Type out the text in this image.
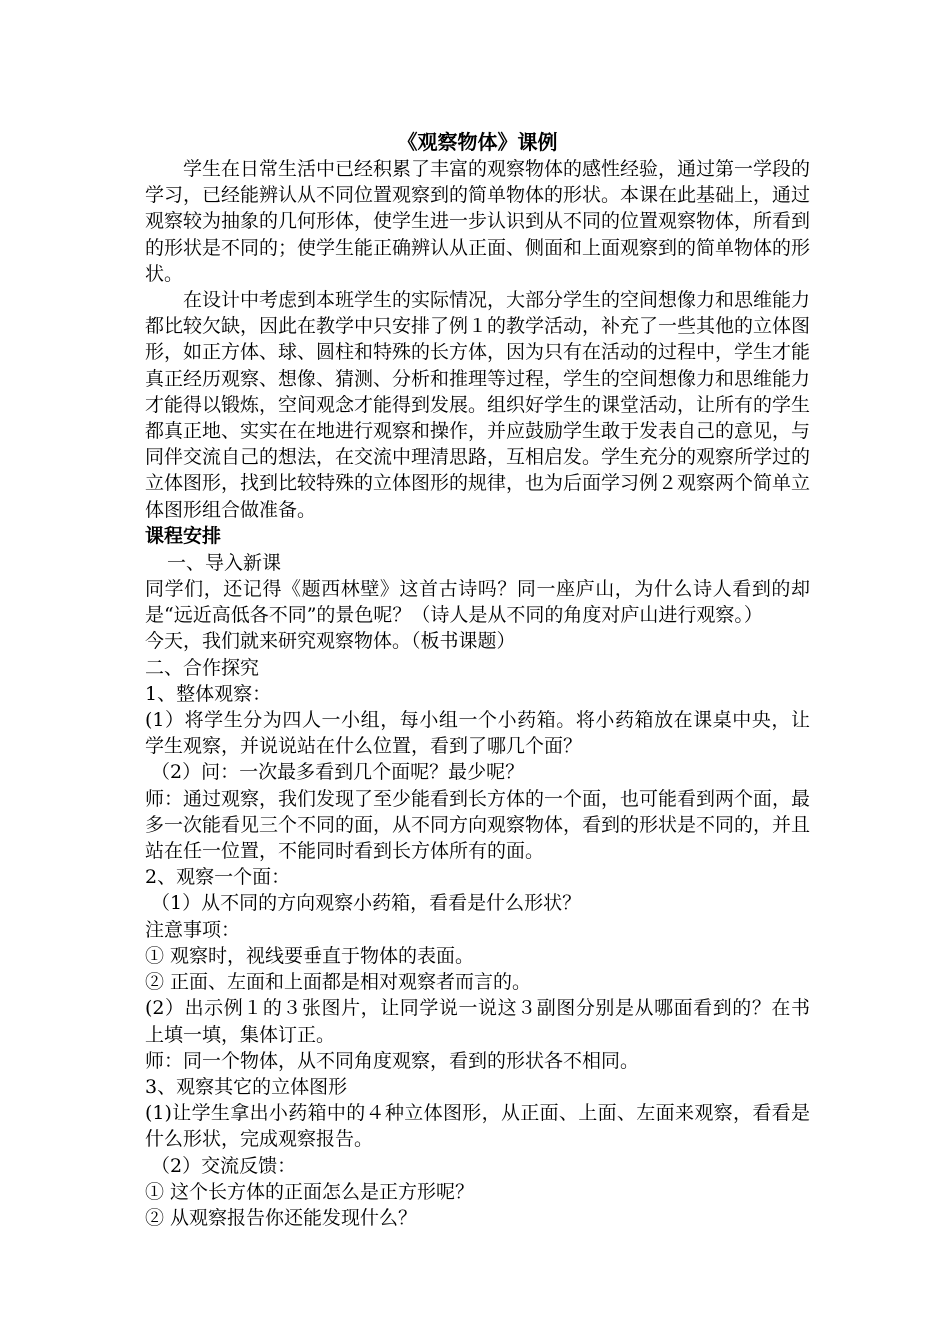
《观察物体》课例

学生在日常生活中已经积累了丰富的观察物体的感性经验，通过第一学段的学习，已经能辨认从不同位置观察到的简单物体的形状。本课在此基础上，通过观察较为抽象的几何形体，使学生进一步认识到从不同的位置观察物体，所看到的形状是不同的；使学生能正确辨认从正面、侧面和上面观察到的简单物体的形状。

在设计中考虑到本班学生的实际情况，大部分学生的空间想像力和思维能力都比较欠缺，因此在教学中只安排了例１的教学活动，补充了一些其他的立体图形，如正方体、球、圆柱和特殊的长方体，因为只有在活动的过程中，学生才能真正经历观察、想像、猜测、分析和推理等过程，学生的空间想像力和思维能力才能得以锻炼，空间观念才能得到发展。组织好学生的课堂活动，让所有的学生都真正地、实实在在地进行观察和操作，并应鼓励学生敢于发表自己的意见，与同伴交流自己的想法，在交流中理清思路，互相启发。学生充分的观察所学过的立体图形，找到比较特殊的立体图形的规律，也为后面学习例２观察两个简单立体图形组合做准备。

课程安排

一、导入新课

同学们，还记得《题西林壁》这首古诗吗？同一座庐山，为什么诗人看到的却是“远近高低各不同”的景色呢？（诗人是从不同的角度对庐山进行观察。）

今天，我们就来研究观察物体。（板书课题）

二、合作探究

1、整体观察：

(1）将学生分为四人一小组，每小组一个小药箱。将小药箱放在课桌中央，让学生观察，并说说站在什么位置，看到了哪几个面？

（2）问：一次最多看到几个面呢？最少呢？

师：通过观察，我们发现了至少能看到长方体的一个面，也可能看到两个面，最多一次能看见三个不同的面，从不同方向观察物体，看到的形状是不同的，并且站在任一位置，不能同时看到长方体所有的面。

2、观察一个面：

（1）从不同的方向观察小药箱，看看是什么形状？

注意事项：

① 观察时，视线要垂直于物体的表面。

② 正面、左面和上面都是相对观察者而言的。

(2）出示例１的３张图片，让同学说一说这３副图分别是从哪面看到的？在书上填一填，集体订正。

师：同一个物体，从不同角度观察，看到的形状各不相同。

3、观察其它的立体图形

(1)让学生拿出小药箱中的４种立体图形，从正面、上面、左面来观察，看看是什么形状，完成观察报告。

（2）交流反馈：

① 这个长方体的正面怎么是正方形呢？

② 从观察报告你还能发现什么？
